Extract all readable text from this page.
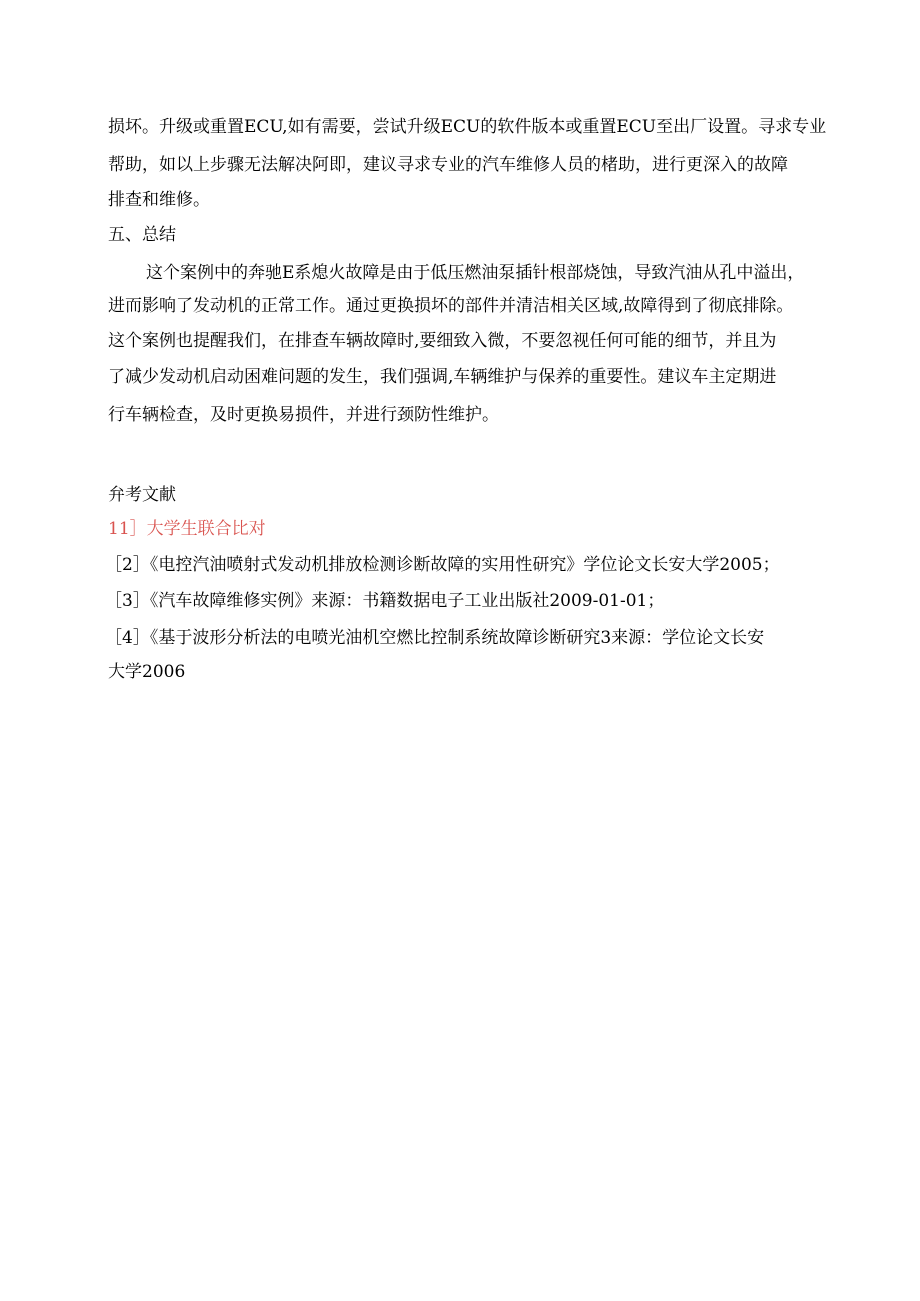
损坏。升级或重置ECU,如有需要，尝试升级ECU的软件版本或重置ECU至出厂设置。寻求专业
帮助，如以上步骤无法解决阿即，建议寻求专业的汽车维修人员的楮助，进行更深入的故障
排查和维修。
五、总结
这个案例中的奔驰E系熄火故障是由于低压燃油泵插针根部烧蚀，导致汽油从孔中溢出，
进而影响了发动机的正常工作。通过更换损坏的部件并清洁相关区域,故障得到了彻底排除。
这个案例也提醒我们，在排查车辆故障时,要细致入微，不要忽视任何可能的细节，并且为
了减少发动机启动困难问题的发生，我们强调,车辆维护与保养的重要性。建议车主定期进
行车辆检查，及时更换易损件，并进行颈防性维护。
弁考文献
11］大学生联合比对
［2］《电控汽油喷射式发动机排放检测诊断故障的实用性研究》学位论文长安大学2005；
［3］《汽车故障维修实例》来源：书籍数据电子工业出版社2009-01-01；
［4］《基于波形分析法的电喷光油机空燃比控制系统故障诊断研究3来源：学位论文长安
大学2006
